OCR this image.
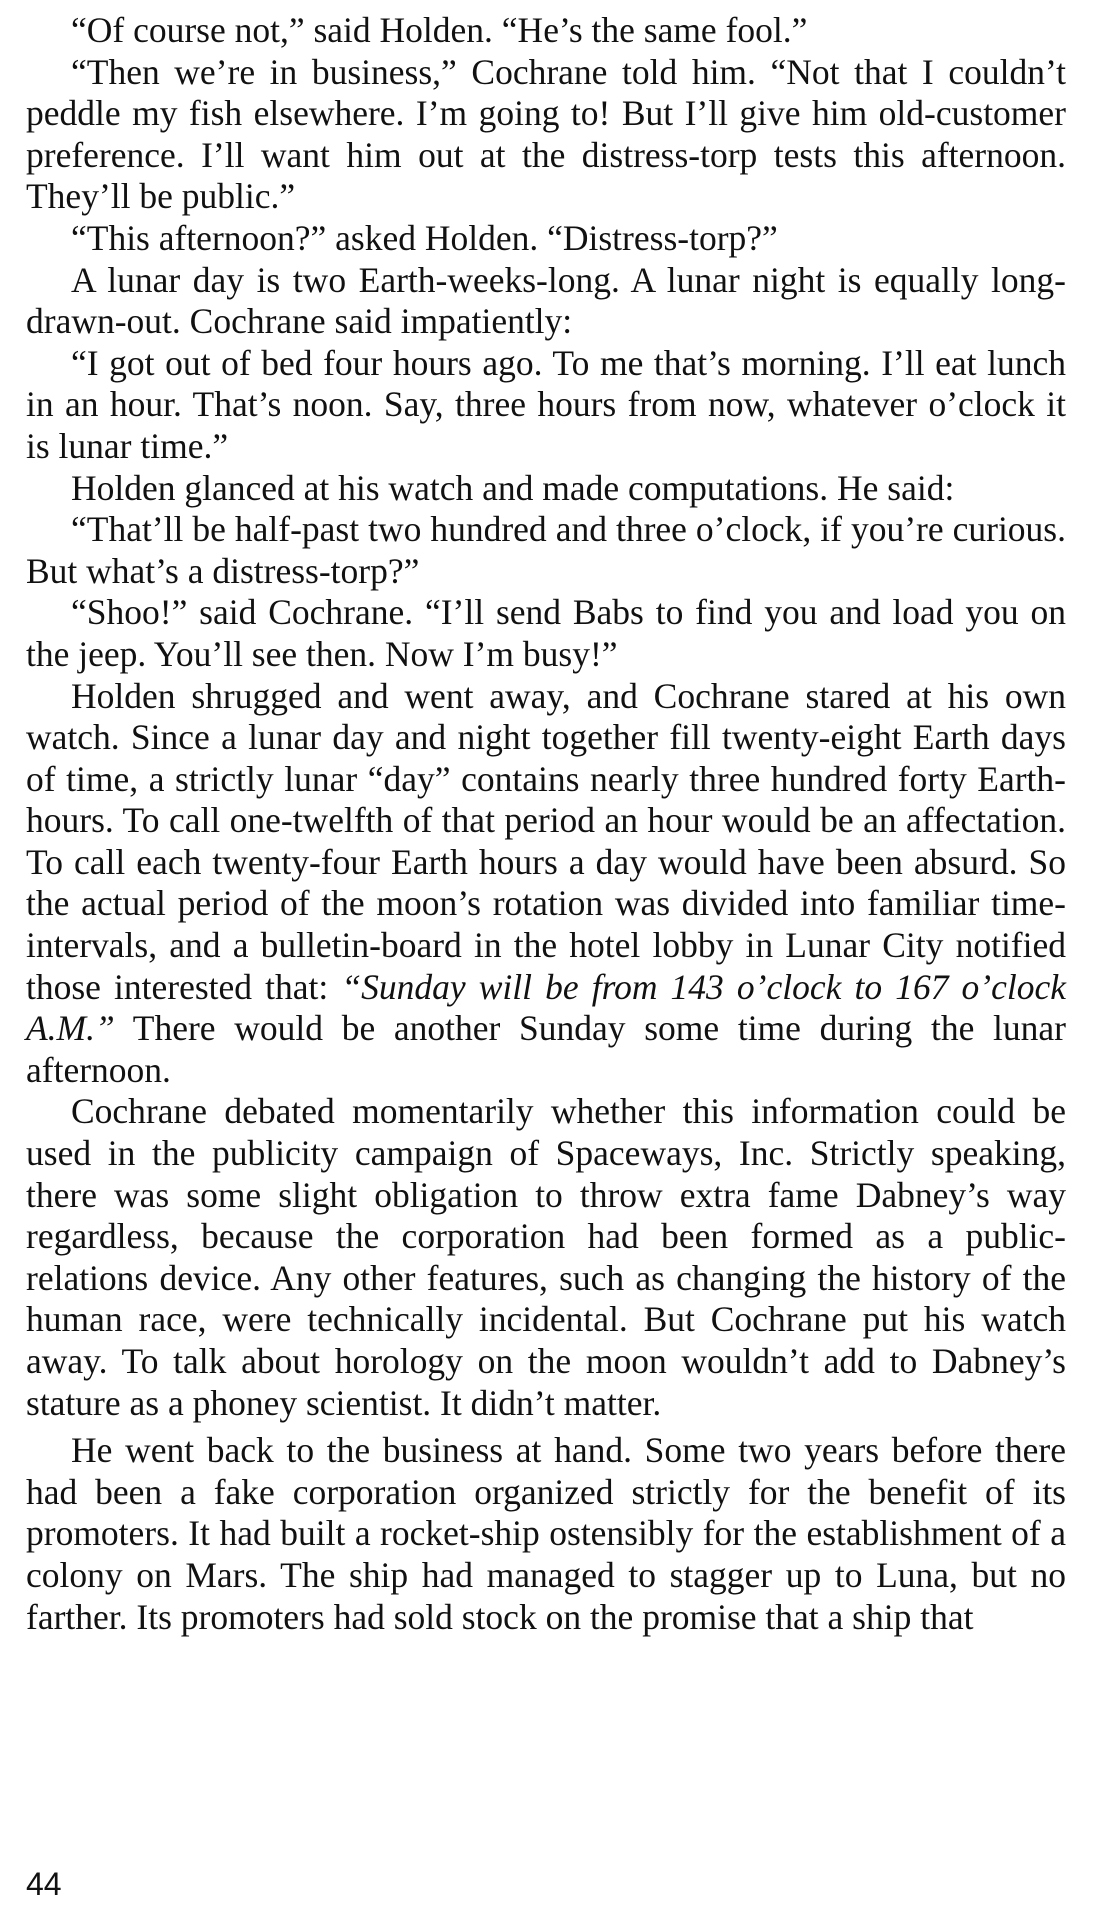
“Of course not,” said Holden. “He’s the same fool.”

“Then we’re in business,” Cochrane told him. “Not that I couldn’t peddle my fish elsewhere. I’m going to! But I’ll give him old-customer preference. I’ll want him out at the distress-torp tests this afternoon. They’ll be public.”

“This afternoon?” asked Holden. “Distress-torp?”

A lunar day is two Earth-weeks-long. A lunar night is equally long-drawn-out. Cochrane said impatiently:

“I got out of bed four hours ago. To me that’s morning. I’ll eat lunch in an hour. That’s noon. Say, three hours from now, whatever o’clock it is lunar time.”

Holden glanced at his watch and made computations. He said:

“That’ll be half-past two hundred and three o’clock, if you’re curious. But what’s a distress-torp?”

“Shoo!” said Cochrane. “I’ll send Babs to find you and load you on the jeep. You’ll see then. Now I’m busy!”

Holden shrugged and went away, and Cochrane stared at his own watch. Since a lunar day and night together fill twenty-eight Earth days of time, a strictly lunar “day” contains nearly three hundred forty Earth-hours. To call one-twelfth of that period an hour would be an affectation. To call each twenty-four Earth hours a day would have been absurd. So the actual period of the moon’s rotation was divided into familiar time-intervals, and a bulletin-board in the hotel lobby in Lunar City notified those interested that: “Sunday will be from 143 o’clock to 167 o’clock A.M.” There would be another Sunday some time during the lunar afternoon.

Cochrane debated momentarily whether this information could be used in the publicity campaign of Spaceways, Inc. Strictly speaking, there was some slight obligation to throw extra fame Dabney’s way regardless, because the corporation had been formed as a public-relations device. Any other features, such as changing the history of the human race, were technically incidental. But Cochrane put his watch away. To talk about horology on the moon wouldn’t add to Dabney’s stature as a phoney scientist. It didn’t matter.

He went back to the business at hand. Some two years before there had been a fake corporation organized strictly for the benefit of its promoters. It had built a rocket-ship ostensibly for the establishment of a colony on Mars. The ship had managed to stagger up to Luna, but no farther. Its promoters had sold stock on the promise that a ship that

44
